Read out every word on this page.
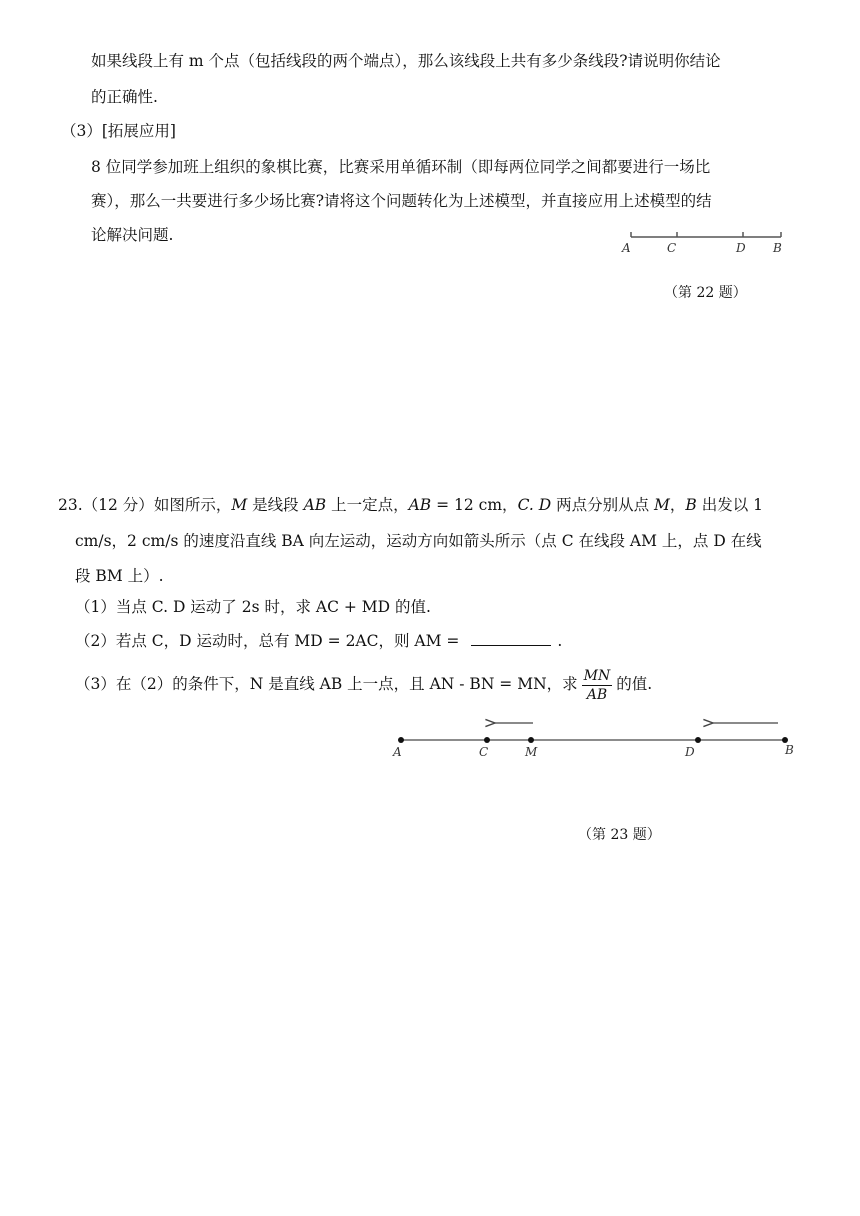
如果线段上有 m 个点（包括线段的两个端点），那么该线段上共有多少条线段?请说明你结论
的正确性.
（3）[拓展应用]
8 位同学参加班上组织的象棋比赛，比赛采用单循环制（即每两位同学之间都要进行一场比
赛），那么一共要进行多少场比赛?请将这个问题转化为上述模型，并直接应用上述模型的结
论解决问题.
A	C	D B
（第 22 题）
23.（12 分）如图所示，M 是线段 AB 上一定点，AB = 12 cm，C. D 两点分别从点 M，B 出发以 1
cm/s，2 cm/s 的速度沿直线 BA 向左运动，运动方向如箭头所示（点 C 在线段 AM 上，点 D 在线
段 BM 上）.
（1）当点 C. D 运动了 2s 时，求 AC + MD 的值.
（2）若点 C，D 运动时，总有 MD = 2AC，则 AM =	.
（3）在（2）的条件下，N 是直线 AB 上一点，且 AN - BN = MN，求 $\frac{MN}{AB}$ 的值.
A	C	M	D	B
（第 23 题）
